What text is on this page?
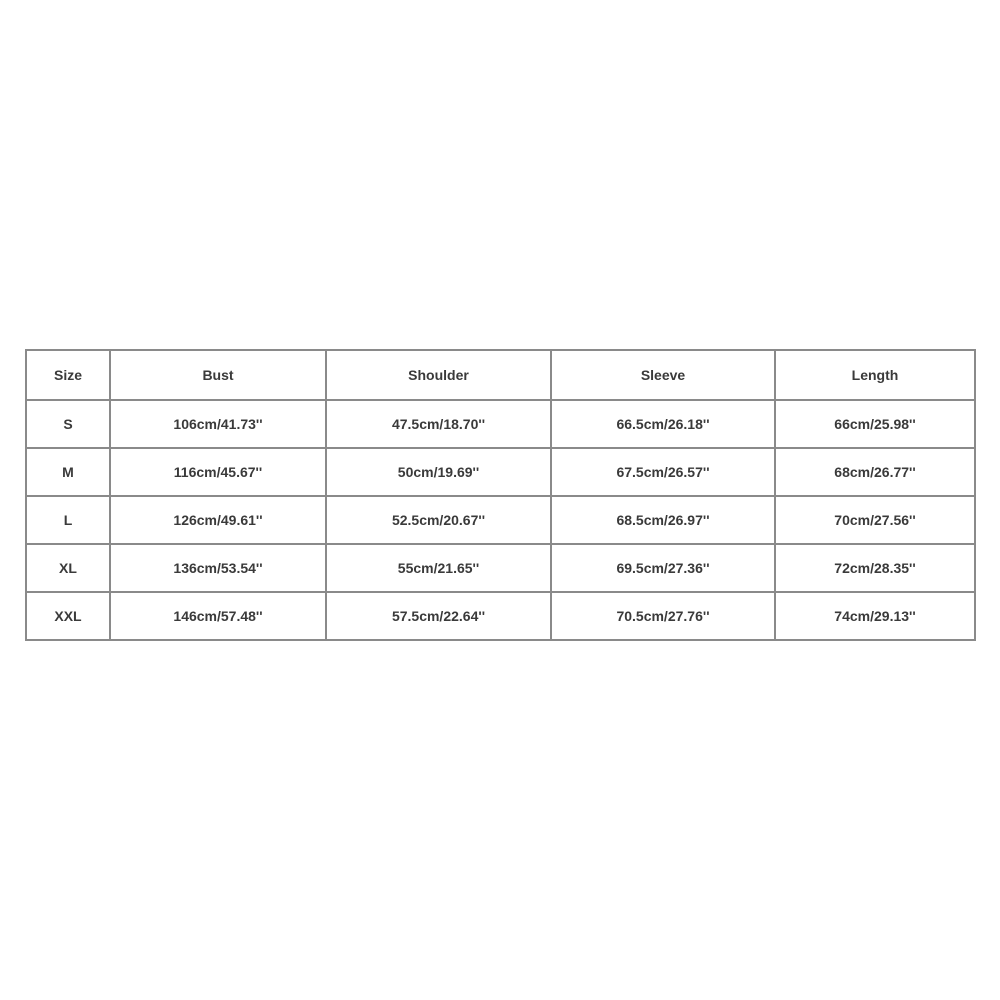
Size	Bust	Shoulder	Sleeve	Length
S	106cm/41.73''	47.5cm/18.70''	66.5cm/26.18''	66cm/25.98''
M	116cm/45.67''	50cm/19.69''	67.5cm/26.57''	68cm/26.77''
L	126cm/49.61''	52.5cm/20.67''	68.5cm/26.97''	70cm/27.56''
XL	136cm/53.54''	55cm/21.65''	69.5cm/27.36''	72cm/28.35''
XXL	146cm/57.48''	57.5cm/22.64''	70.5cm/27.76''	74cm/29.13''
